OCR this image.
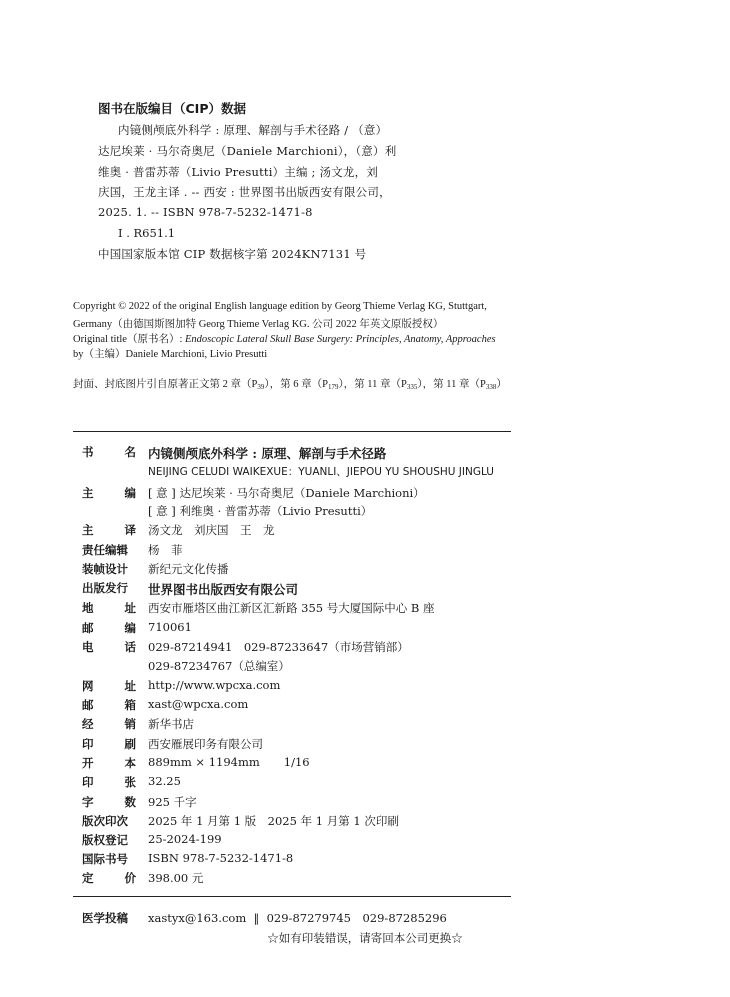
图书在版编目（CIP）数据
内镜侧颅底外科学 : 原理、解剖与手术径路 / （意）
达尼埃莱 · 马尔奇奥尼（Daniele Marchioni），（意）利
维奥 · 普雷苏蒂（Livio Presutti）主编 ; 汤文龙，刘
庆国，王龙主译 . -- 西安 : 世界图书出版西安有限公司，
2025. 1. -- ISBN 978-7-5232-1471-8
Ⅰ . R651.1
中国国家版本馆 CIP 数据核字第 2024KN7131 号
Copyright © 2022 of the original English language edition by Georg Thieme Verlag KG, Stuttgart,
Germany（由德国斯图加特 Georg Thieme Verlag KG. 公司 2022 年英文原版授权）
Original title（原书名）: Endoscopic Lateral Skull Base Surgery: Principles, Anatomy, Approaches
by（主编）Daniele Marchioni, Livio Presutti
封面、封底图片引自原著正文第 2 章$(P_{39})$，第 6 章$(P_{179})$，第 11 章$(P_{335})$，第 11 章$(P_{338})$
书	名 内镜侧颅底外科学 : 原理、解剖与手术径路
NEIJING CELUDI WAIKEXUE：YUANLI、JIEPOU YU SHOUSHU JINGLU
主	编 [ 意 ] 达尼埃莱 · 马尔奇奥尼（Daniele Marchioni）
[ 意 ] 利维奥 · 普雷苏蒂（Livio Presutti）
主	译 汤文龙　刘庆国　王　龙
责任编辑 杨　菲
装帧设计 新纪元文化传播
出版发行 世界图书出版西安有限公司
地	址 西安市雁塔区曲江新区汇新路 355 号大厦国际中心 B 座
邮	编 710061
电	话 029-87214941　029-87233647（市场营销部）
029-87234767（总编室）
网	址 http://www.wpcxa.com
邮	箱 xast@wpcxa.com
经	销 新华书店
印	刷 西安雁展印务有限公司
开	本 889mm × 1194mm 1/16
印	张 32.25
字	数 925 千字
版次印次 2025 年 1 月第 1 版　2025 年 1 月第 1 次印刷
版权登记 25-2024-199
国际书号 ISBN 978-7-5232-1471-8
定	价 398.00 元
医学投稿 xastyx@163.com ‖ 029-87279745　029-87285296
☆如有印装错误，请寄回本公司更换☆
